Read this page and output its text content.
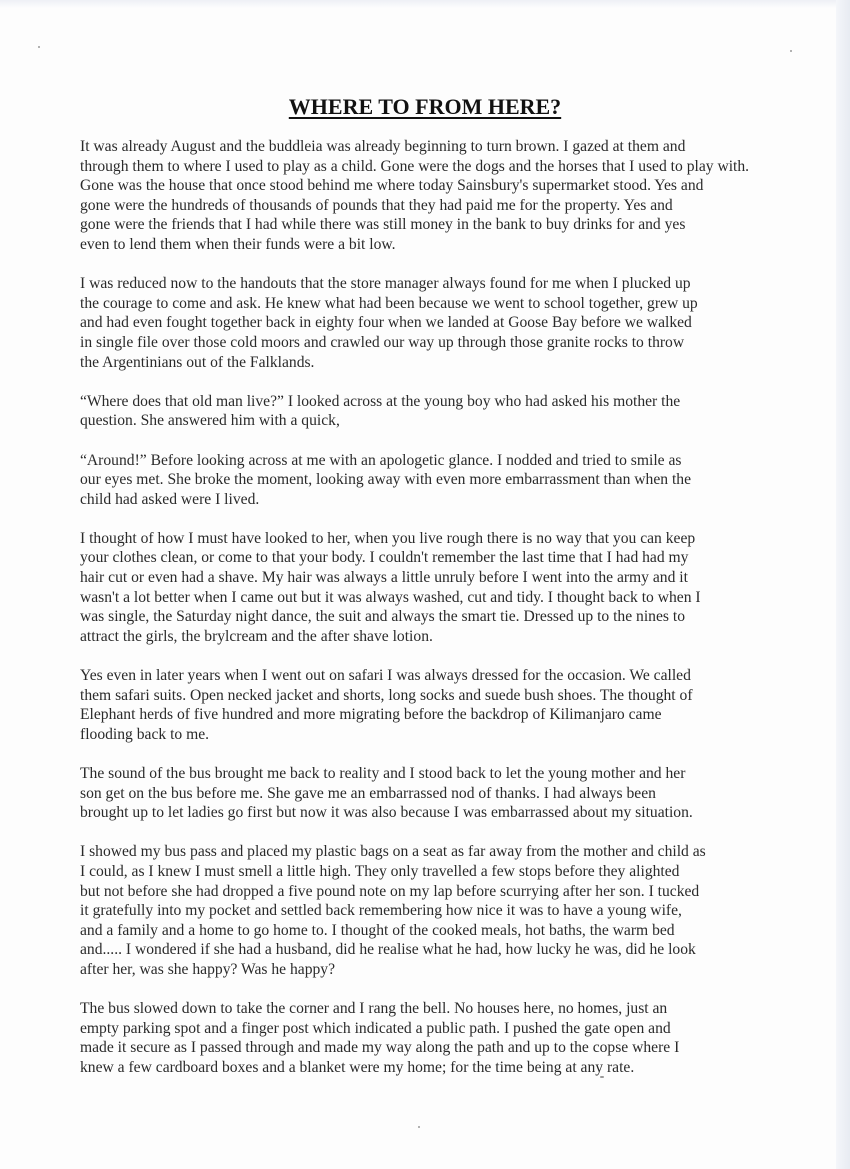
WHERE TO FROM HERE?
It was already August and the buddleia was already beginning to turn brown. I gazed at them and
through them to where I used to play as a child. Gone were the dogs and the horses that I used to play with.
Gone was the house that once stood behind me where today Sainsbury's supermarket stood. Yes and
gone were the hundreds of thousands of pounds that they had paid me for the property. Yes and
gone were the friends that I had while there was still money in the bank to buy drinks for and yes
even to lend them when their funds were a bit low.
I was reduced now to the handouts that the store manager always found for me when I plucked up
the courage to come and ask. He knew what had been because we went to school together, grew up
and had even fought together back in eighty four when we landed at Goose Bay before we walked
in single file over those cold moors and crawled our way up through those granite rocks to throw
the Argentinians out of the Falklands.
“Where does that old man live?” I looked across at the young boy who had asked his mother the
question. She answered him with a quick,
“Around!” Before looking across at me with an apologetic glance. I nodded and tried to smile as
our eyes met. She broke the moment, looking away with even more embarrassment than when the
child had asked were I lived.
I thought of how I must have looked to her, when you live rough there is no way that you can keep
your clothes clean, or come to that your body. I couldn't remember the last time that I had had my
hair cut or even had a shave. My hair was always a little unruly before I went into the army and it
wasn't a lot better when I came out but it was always washed, cut and tidy. I thought back to when I
was single, the Saturday night dance, the suit and always the smart tie. Dressed up to the nines to
attract the girls, the brylcream and the after shave lotion.
Yes even in later years when I went out on safari I was always dressed for the occasion. We called
them safari suits. Open necked jacket and shorts, long socks and suede bush shoes. The thought of
Elephant herds of five hundred and more migrating before the backdrop of Kilimanjaro came
flooding back to me.
The sound of the bus brought me back to reality and I stood back to let the young mother and her
son get on the bus before me. She gave me an embarrassed nod of thanks. I had always been
brought up to let ladies go first but now it was also because I was embarrassed about my situation.
I showed my bus pass and placed my plastic bags on a seat as far away from the mother and child as
I could, as I knew I must smell a little high. They only travelled a few stops before they alighted
but not before she had dropped a five pound note on my lap before scurrying after her son. I tucked
it gratefully into my pocket and settled back remembering how nice it was to have a young wife,
and a family and a home to go home to. I thought of the cooked meals, hot baths, the warm bed
and..... I wondered if she had a husband, did he realise what he had, how lucky he was, did he look
after her, was she happy? Was he happy?
The bus slowed down to take the corner and I rang the bell. No houses here, no homes, just an
empty parking spot and a finger post which indicated a public path. I pushed the gate open and
made it secure as I passed through and made my way along the path and up to the copse where I
knew a few cardboard boxes and a blanket were my home; for the time being at any rate.
